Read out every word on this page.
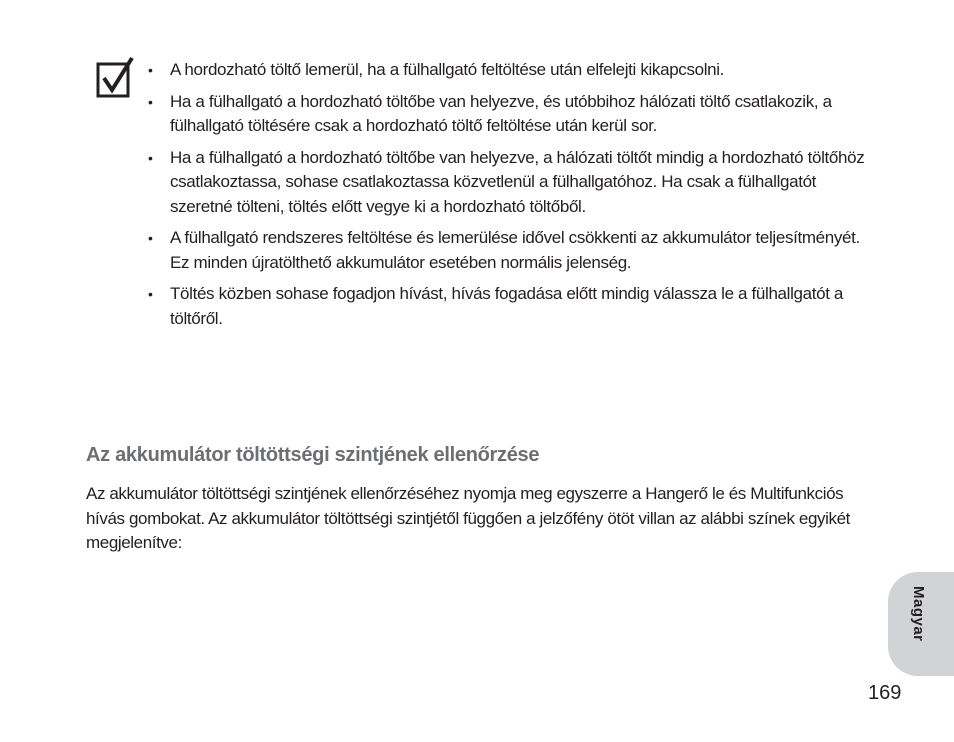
• A hordozható töltő lemerül, ha a fülhallgató feltöltése után elfelejti kikapcsolni.
• Ha a fülhallgató a hordozható töltőbe van helyezve, és utóbbihoz hálózati töltő csatlakozik, a fülhallgató töltésére csak a hordozható töltő feltöltése után kerül sor.
• Ha a fülhallgató a hordozható töltőbe van helyezve, a hálózati töltőt mindig a hordozható töltőhöz csatlakoztassa, sohase csatlakoztassa közvetlenül a fülhallgatóhoz. Ha csak a fülhallgatót szeretné tölteni, töltés előtt vegye ki a hordozható töltőből.
• A fülhallgató rendszeres feltöltése és lemerülése idővel csökkenti az akkumulátor teljesítményét. Ez minden újratölthető akkumulátor esetében normális jelenség.
• Töltés közben sohase fogadjon hívást, hívás fogadása előtt mindig válassza le a fülhallgatót a töltőről.
Az akkumulátor töltöttségi szintjének ellenőrzése

Az akkumulátor töltöttségi szintjének ellenőrzéséhez nyomja meg egyszerre a Hangerő le és Multifunkciós hívás gombokat. Az akkumulátor töltöttségi szintjétől függően a jelzőfény ötöt villan az alábbi színek egyikét megjelenítve:

Magyar
169
